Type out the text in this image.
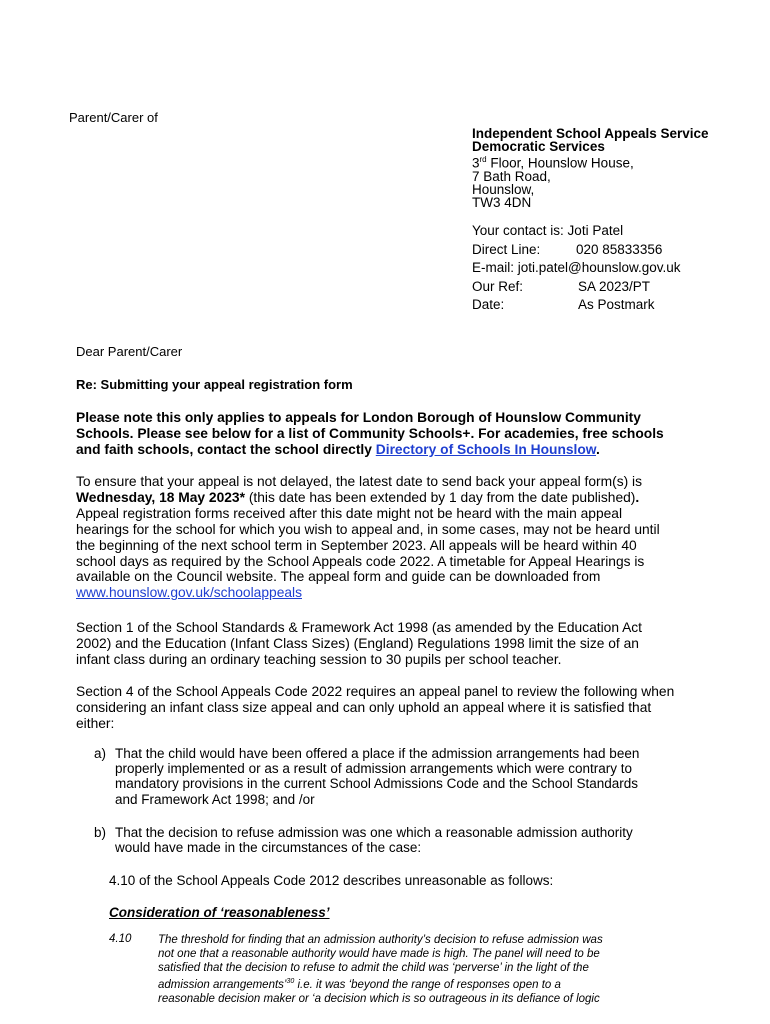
Parent/Carer of
Independent School Appeals Service
Democratic Services
3rd Floor, Hounslow House,
7 Bath Road,
Hounslow,
TW3 4DN
Your contact is: Joti Patel
Direct Line:	020 85833356
E-mail: joti.patel@hounslow.gov.uk
Our Ref:	SA 2023/PT
Date:	As Postmark
Dear Parent/Carer
Re: Submitting your appeal registration form
Please note this only applies to appeals for London Borough of Hounslow Community
Schools. Please see below for a list of Community Schools+. For academies, free schools
and faith schools, contact the school directly Directory of Schools In Hounslow.
To ensure that your appeal is not delayed, the latest date to send back your appeal form(s) is
Wednesday, 18 May 2023* (this date has been extended by 1 day from the date published).
Appeal registration forms received after this date might not be heard with the main appeal
hearings for the school for which you wish to appeal and, in some cases, may not be heard until
the beginning of the next school term in September 2023. All appeals will be heard within 40
school days as required by the School Appeals code 2022. A timetable for Appeal Hearings is
available on the Council website. The appeal form and guide can be downloaded from
www.hounslow.gov.uk/schoolappeals
Section 1 of the School Standards & Framework Act 1998 (as amended by the Education Act
2002) and the Education (Infant Class Sizes) (England) Regulations 1998 limit the size of an
infant class during an ordinary teaching session to 30 pupils per school teacher.
Section 4 of the School Appeals Code 2022 requires an appeal panel to review the following when
considering an infant class size appeal and can only uphold an appeal where it is satisfied that
either:
a) That the child would have been offered a place if the admission arrangements had been
properly implemented or as a result of admission arrangements which were contrary to
mandatory provisions in the current School Admissions Code and the School Standards
and Framework Act 1998; and /or
b) That the decision to refuse admission was one which a reasonable admission authority
would have made in the circumstances of the case:
4.10 of the School Appeals Code 2012 describes unreasonable as follows:
Consideration of ‘reasonableness’
4.10 The threshold for finding that an admission authority’s decision to refuse admission was
not one that a reasonable authority would have made is high. The panel will need to be
satisfied that the decision to refuse to admit the child was ‘perverse’ in the light of the
admission arrangements’$^{30}$ i.e. it was ‘beyond the range of responses open to a
reasonable decision maker or ‘a decision which is so outrageous in its defiance of logic
